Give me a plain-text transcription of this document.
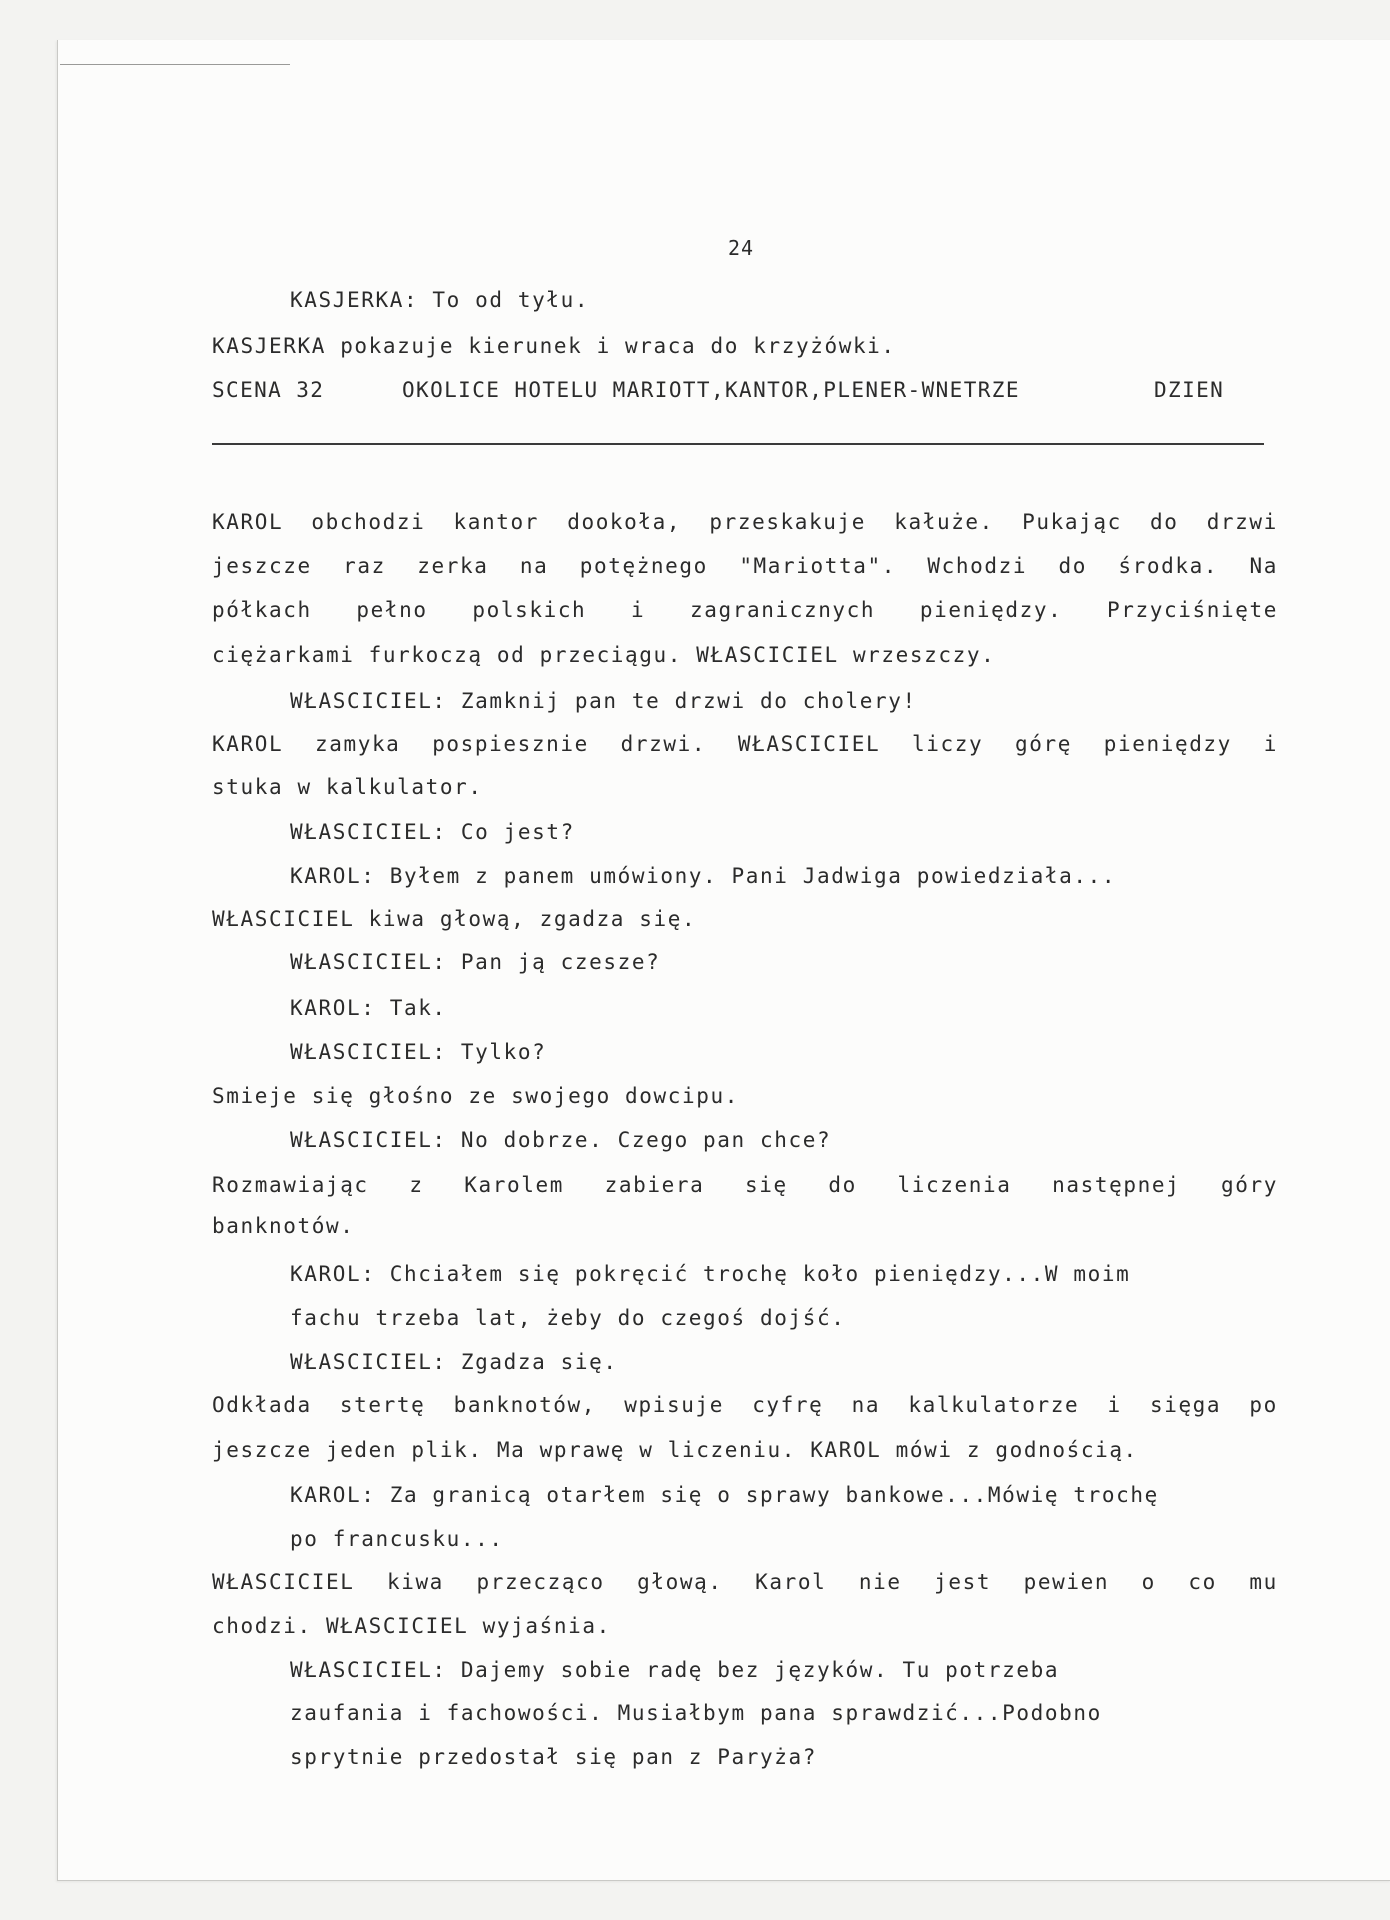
24
KASJERKA: To od tyłu.
KASJERKA pokazuje kierunek i wraca do krzyżówki.

SCENA 32

	OKOLICE HOTELU MARIOTT,KANTOR,PLENER-WNETRZE

	DZIEN

KAROL obchodzi kantor dookoła, przeskakuje kałuże. Pukając do drzwi
jeszcze raz zerka na potężnego "Mariotta". Wchodzi do środka. Na
półkach pełno polskich i zagranicznych pieniędzy. Przyciśnięte
ciężarkami furkoczą od przeciągu. WŁASCICIEL wrzeszczy.
WŁASCICIEL: Zamknij pan te drzwi do cholery!
KAROL zamyka pospiesznie drzwi. WŁASCICIEL liczy górę pieniędzy i
stuka w kalkulator.
WŁASCICIEL: Co jest?
KAROL: Byłem z panem umówiony. Pani Jadwiga powiedziała...
WŁASCICIEL kiwa głową, zgadza się.
WŁASCICIEL: Pan ją czesze?
KAROL: Tak.
WŁASCICIEL: Tylko?
Smieje się głośno ze swojego dowcipu.
WŁASCICIEL: No dobrze. Czego pan chce?
Rozmawiając z Karolem zabiera się do liczenia następnej góry
banknotów.
KAROL: Chciałem się pokręcić trochę koło pieniędzy...W moim
fachu trzeba lat, żeby do czegoś dojść.
WŁASCICIEL: Zgadza się.
Odkłada stertę banknotów, wpisuje cyfrę na kalkulatorze i sięga po
jeszcze jeden plik. Ma wprawę w liczeniu. KAROL mówi z godnością.
KAROL: Za granicą otarłem się o sprawy bankowe...Mówię trochę
po francusku...
WŁASCICIEL kiwa przecząco głową. Karol nie jest pewien o co mu
chodzi. WŁASCICIEL wyjaśnia.
WŁASCICIEL: Dajemy sobie radę bez języków. Tu potrzeba
zaufania i fachowości. Musiałbym pana sprawdzić...Podobno
sprytnie przedostał się pan z Paryża?
